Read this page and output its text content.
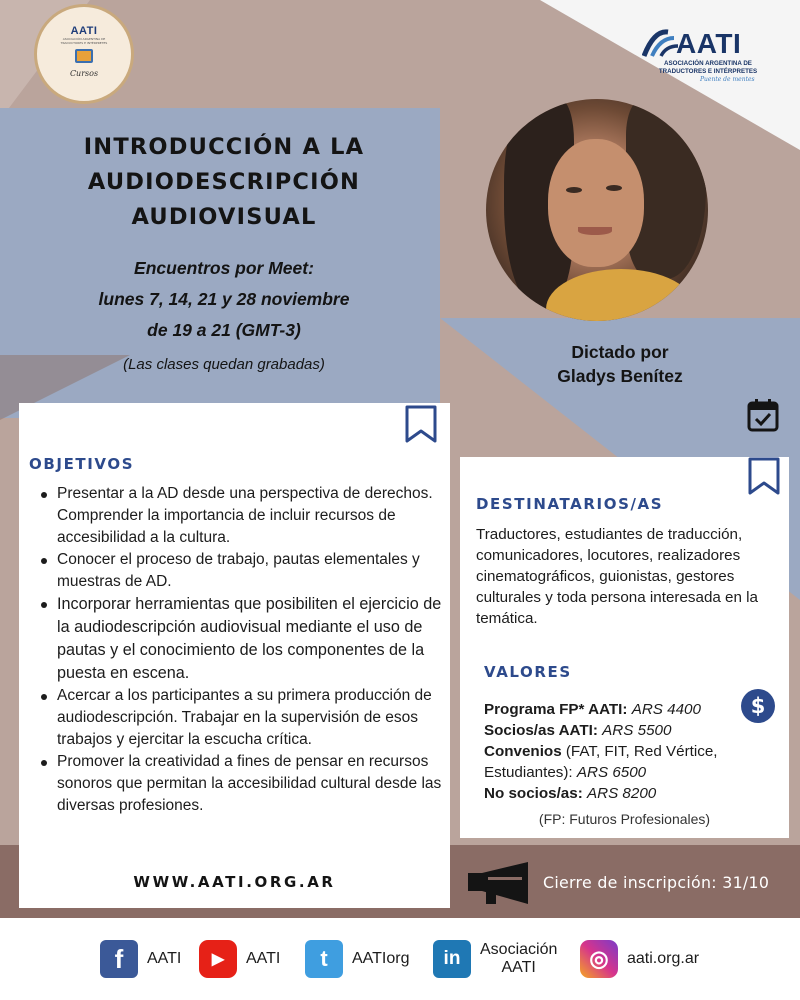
AATI
ASOCIACIÓN ARGENTINA DE TRADUCTORES E INTÉRPRETES
Cursos
AATI
ASOCIACIÓN ARGENTINA DE
TRADUCTORES E INTÉRPRETES
Puente de mentes
INTRODUCCIÓN A LA
AUDIODESCRIPCIÓN
AUDIOVISUAL
Encuentros por Meet:
lunes 7, 14, 21 y 28 noviembre
de 19 a 21 (GMT-3)
(Las clases quedan grabadas)
Dictado por
Gladys Benítez
OBJETIVOS
Presentar a la AD desde una perspectiva de derechos. Comprender la importancia de incluir recursos de accesibilidad a la cultura.
Conocer el proceso de trabajo, pautas elementales y muestras de AD.
Incorporar herramientas que posibiliten el ejercicio de la audiodescripción audiovisual mediante el uso de pautas y el conocimiento de los componentes de la puesta en escena.
Acercar a los participantes a su primera producción de audiodescripción. Trabajar en la supervisión de esos trabajos y ejercitar la escucha crítica.
Promover la creatividad a fines de pensar en recursos sonoros que permitan la accesibilidad cultural desde las diversas profesiones.
WWW.AATI.ORG.AR
DESTINATARIOS/AS
Traductores, estudiantes de traducción, comunicadores, locutores, realizadores cinematográficos, guionistas, gestores culturales y toda persona interesada en la temática.
VALORES
$
Programa FP* AATI: ARS 4400
Socios/as AATI: ARS 5500
Convenios (FAT, FIT, Red Vértice, Estudiantes): ARS 6500
No socios/as: ARS 8200
(FP: Futuros Profesionales)
Cierre de inscripción: 31/10
f	AATI	▶	AATI	t	AATIorg	in	Asociación
AATI	◎	aati.org.ar
